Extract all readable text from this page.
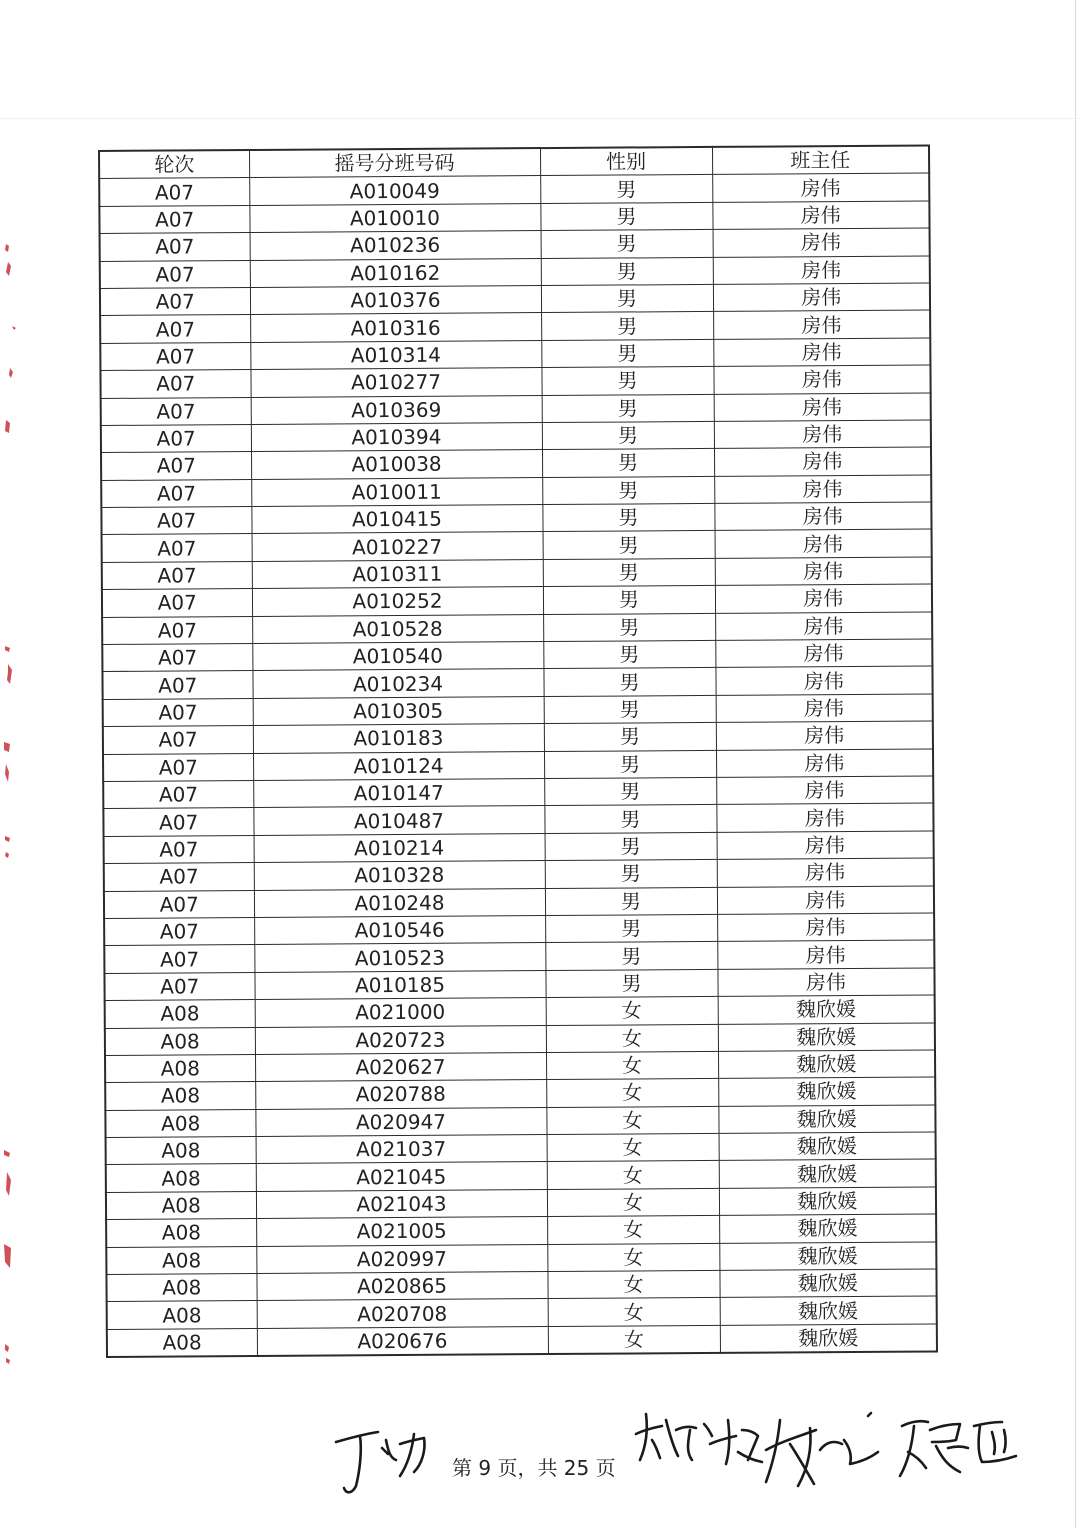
轮次	摇号分班号码	性别	班主任
A07	A010049	男	房伟
A07	A010010	男	房伟
A07	A010236	男	房伟
A07	A010162	男	房伟
A07	A010376	男	房伟
A07	A010316	男	房伟
A07	A010314	男	房伟
A07	A010277	男	房伟
A07	A010369	男	房伟
A07	A010394	男	房伟
A07	A010038	男	房伟
A07	A010011	男	房伟
A07	A010415	男	房伟
A07	A010227	男	房伟
A07	A010311	男	房伟
A07	A010252	男	房伟
A07	A010528	男	房伟
A07	A010540	男	房伟
A07	A010234	男	房伟
A07	A010305	男	房伟
A07	A010183	男	房伟
A07	A010124	男	房伟
A07	A010147	男	房伟
A07	A010487	男	房伟
A07	A010214	男	房伟
A07	A010328	男	房伟
A07	A010248	男	房伟
A07	A010546	男	房伟
A07	A010523	男	房伟
A07	A010185	男	房伟
A08	A021000	女	魏欣媛
A08	A020723	女	魏欣媛
A08	A020627	女	魏欣媛
A08	A020788	女	魏欣媛
A08	A020947	女	魏欣媛
A08	A021037	女	魏欣媛
A08	A021045	女	魏欣媛
A08	A021043	女	魏欣媛
A08	A021005	女	魏欣媛
A08	A020997	女	魏欣媛
A08	A020865	女	魏欣媛
A08	A020708	女	魏欣媛
A08	A020676	女	魏欣媛
第 9 页，共 25 页
